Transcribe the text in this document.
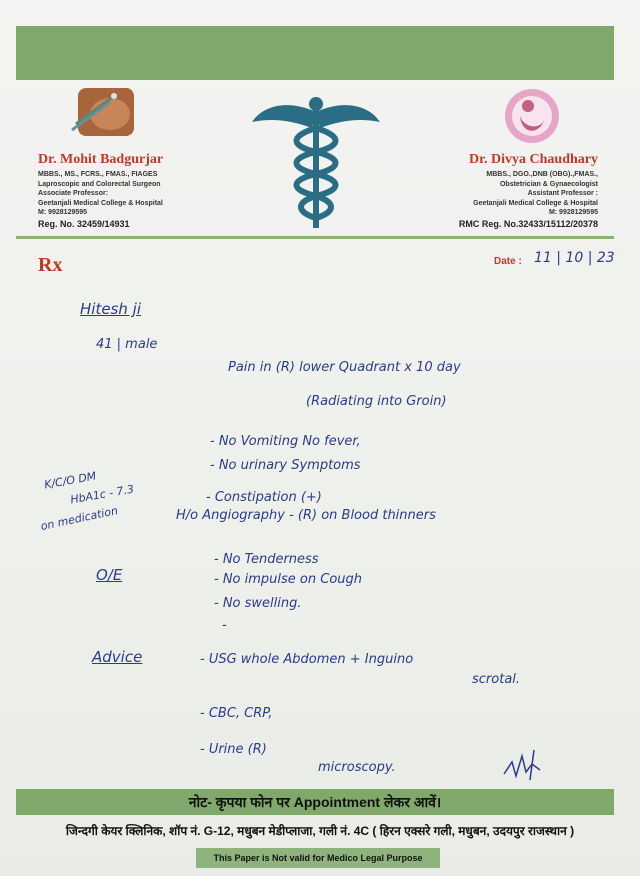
Dr. Mohit Badgurjar
MBBS., MS., FCRS., FMAS., FIAGES
Laproscopic and Colorectal Surgeon
Associate Professor:
Geetanjali Medical College & Hospital
M: 9928129595
Reg. No. 32459/14931
Dr. Divya Chaudhary
MBBS., DGO.,DNB (OBG).,FMAS.,
Obstetrician & Gynaecologist
Assistant Professor :
Geetanjali Medical College & Hospital
M: 9928129595
RMC Reg. No.32433/15112/20378
Rx	Date : 11 | 10 | 23
Hitesh ji
41 | male
Pain in (R) lower Quadrant x 10 day
(Radiating into Groin)
- No Vomiting No fever,
- No urinary Symptoms
K/C/O DM
HbA1c - 7.3
on medication
- Constipation (+)
H/o Angiography - (R) on Blood thinners
O/E
- No Tenderness
- No impulse on Cough
- No swelling.
-
Advice	- USG whole Abdomen + Inguino
scrotal.
- CBC, CRP,
- Urine (R)
microscopy.
नोट- कृपया फोन पर Appointment लेकर आवें।
जिन्दगी केयर क्लिनिक, शॉप नं. G-12, मधुबन मेडीप्लाजा, गली नं. 4C ( हिरन एक्सरे गली, मधुबन, उदयपुर राजस्थान )
This Paper is Not valid for Medico Legal Purpose
